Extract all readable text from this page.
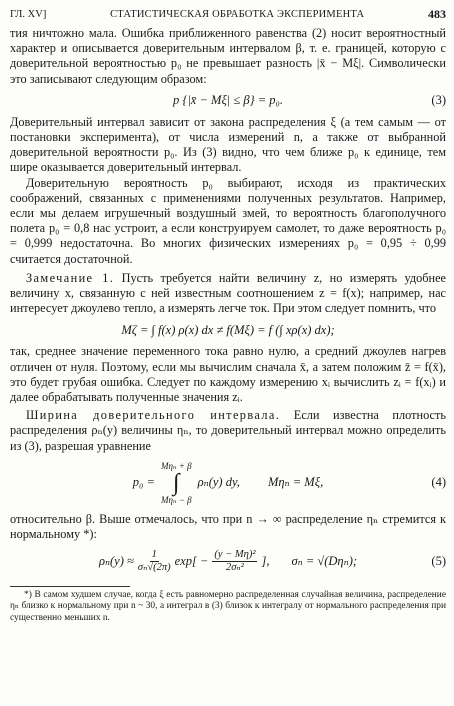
ГЛ. XV]	СТАТИСТИЧЕСКАЯ ОБРАБОТКА ЭКСПЕРИМЕНТА	483

тия ничтожно мала. Ошибка приближенного равенства (2) носит вероятностный характер и описывается доверительным интервалом β, т. е. границей, которую с доверительной вероятностью p₀ не превышает разность |x̄ − Mξ|. Символически это записывают следующим образом:

p {|x̄ − Mξ| ≤ β} = p₀.	(3)

Доверительный интервал зависит от закона распределения ξ (а тем самым — от постановки эксперимента), от числа измерений n, а также от выбранной доверительной вероятности p₀. Из (3) видно, что чем ближе p₀ к единице, тем шире оказывается доверительный интервал.

Доверительную вероятность p₀ выбирают, исходя из практических соображений, связанных с применениями полученных результатов. Например, если мы делаем игрушечный воздушный змей, то вероятность благополучного полета p₀ = 0,8 нас устроит, а если конструируем самолет, то даже вероятность p₀ = 0,999 недостаточна. Во многих физических измерениях p₀ = 0,95 ÷ 0,99 считается достаточной.

Замечание 1. Пусть требуется найти величину z, но измерять удобнее величину x, связанную с ней известным соотношением z = f(x); например, нас интересует джоулево тепло, а измерять легче ток. При этом следует помнить, что

Mζ = ∫ f(x) ρ(x) dx ≠ f(Mξ) = f (∫ xρ(x) dx);

так, среднее значение переменного тока равно нулю, а средний джоулев нагрев отличен от нуля. Поэтому, если мы вычислим сначала x̄, а затем положим z̄ = f(x̄), это будет грубая ошибка. Следует по каждому измерению xᵢ вычислить zᵢ = f(xᵢ) и далее обрабатывать полученные значения zᵢ.

Ширина доверительного интервала. Если известна плотность распределения ρₙ(y) величины ηₙ, то доверительный интервал можно определить из (3), разрешая уравнение

p₀ =
Mηₙ + β
∫
Mηₙ − β
ρₙ(y) dy, Mηₙ = Mξ,	(4)

относительно β. Выше отмечалось, что при n → ∞ распределение ηₙ стремится к нормальному *):

$\rho_n(y) \approx \frac{1}{\text{σₙ√(2π)}} \exp[ - \frac{\text{(y − Mη)²}}{\text{2σₙ²}}$ ], σₙ = √(Dηₙ);	(5)
*) В самом худшем случае, когда ξ есть равномерно распределенная случайная величина, распределение ηₙ близко к нормальному при n ~ 30, а интеграл в (3) близок к интегралу от нормального распределения при существенно меньших n.
